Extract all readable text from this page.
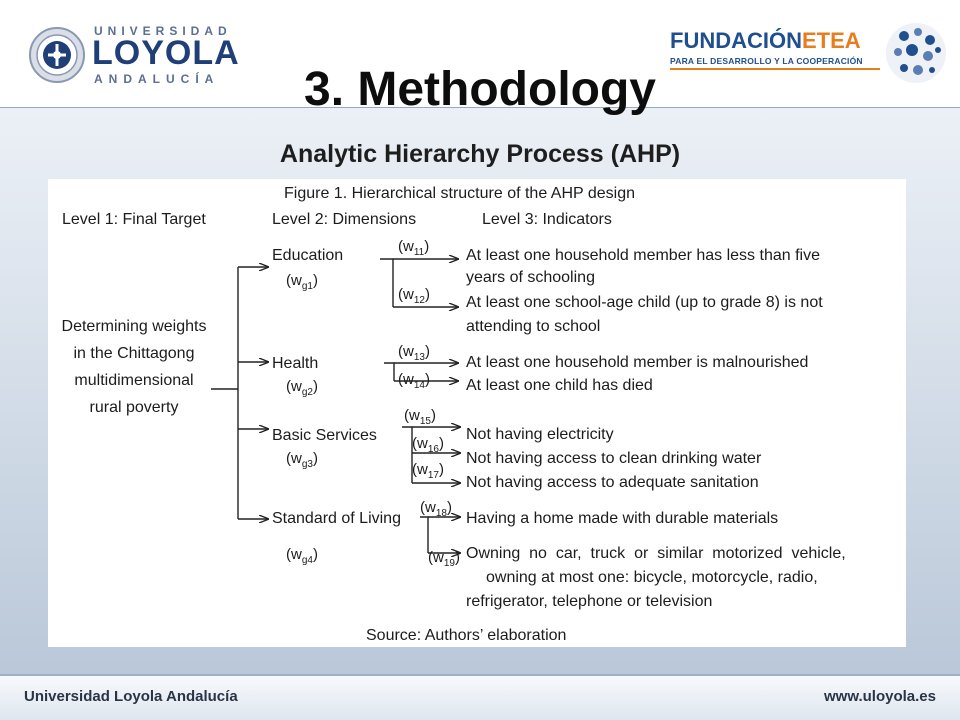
UNIVERSIDAD
LOYOLA
ANDALUCÍA
FUNDACIÓNETEA
PARA EL DESARROLLO Y LA COOPERACIÓN
3. Methodology
Analytic Hierarchy Process (AHP)
Figure 1. Hierarchical structure of the AHP design
Level 1: Final Target	Level 2: Dimensions	Level 3: Indicators
Determining weights in the Chittagong multidimensional rural poverty
Education
$(w_{g1})$
Health
$(w_{g2})$
Basic Services
$(w_{g3})$
Standard of Living
$(w_{g4})$
$(w_{11})$
$(w_{12})$
$(w_{13})$
$(w_{14})$
$(w_{15})$
$(w_{16})$
$(w_{17})$
$(w_{18})$
$(w_{19})$
At least one household member has less than five
years of schooling
At least one school-age child (up to grade 8) is not
attending to school
At least one household member is malnourished
At least one child has died
Not having electricity
Not having access to clean drinking water
Not having access to adequate sanitation
Having a home made with durable materials
Owning  no  car,  truck  or  similar  motorized  vehicle,
owning at most one: bicycle, motorcycle, radio,
refrigerator, telephone or television
Source: Authors’ elaboration
Universidad Loyola Andalucía	www.uloyola.es
